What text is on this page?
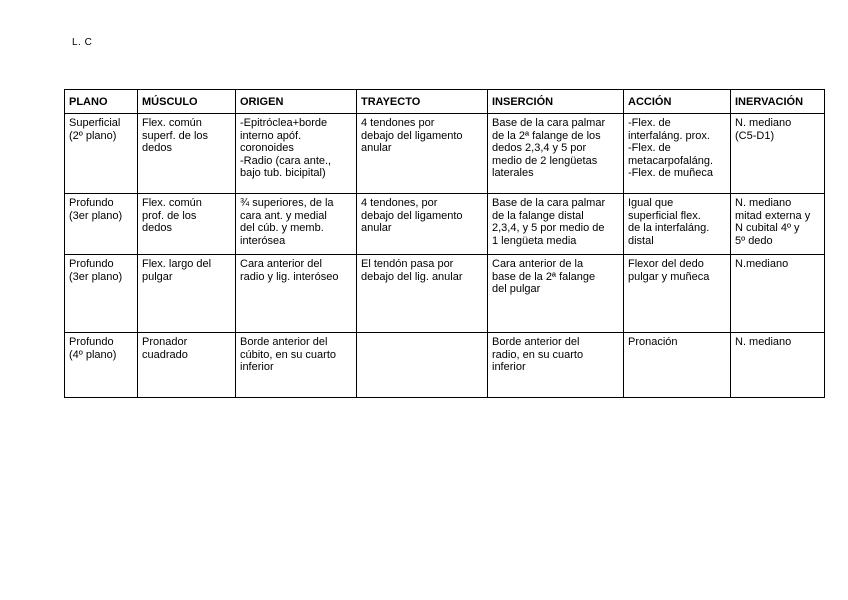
L. C
PLANO	MÚSCULO	ORIGEN	TRAYECTO	INSERCIÓN	ACCIÓN	INERVACIÓN
Superficial
(2º plano)	Flex. común
superf. de los
dedos	-Epitróclea+borde
interno apóf.
coronoides
-Radio (cara ante.,
bajo tub. bicipital)	4 tendones por
debajo del ligamento
anular	Base de la cara palmar
de la 2ª falange de los
dedos 2,3,4 y 5 por
medio de 2 lengüetas
laterales	-Flex. de
interfaláng. prox.
-Flex. de
metacarpofaláng.
-Flex. de muñeca	N. mediano
(C5-D1)
Profundo
(3er plano)	Flex. común
prof. de los
dedos	¾ superiores, de la
cara ant. y medial
del cúb. y memb.
interósea	4 tendones, por
debajo del ligamento
anular	Base de la cara palmar
de la falange distal
2,3,4, y 5 por medio de
1 lengüeta media	Igual que
superficial flex.
de la interfaláng.
distal	N. mediano
mitad externa y
N cubital 4º y
5º dedo
Profundo
(3er plano)	Flex. largo del
pulgar	Cara anterior del
radio y lig. interóseo	El tendón pasa por
debajo del lig. anular	Cara anterior de la
base de la 2ª falange
del pulgar	Flexor del dedo
pulgar y muñeca	N.mediano
Profundo
(4º plano)	Pronador
cuadrado	Borde anterior del
cúbito, en su cuarto
inferior		Borde anterior del
radio, en su cuarto
inferior	Pronación	N. mediano
